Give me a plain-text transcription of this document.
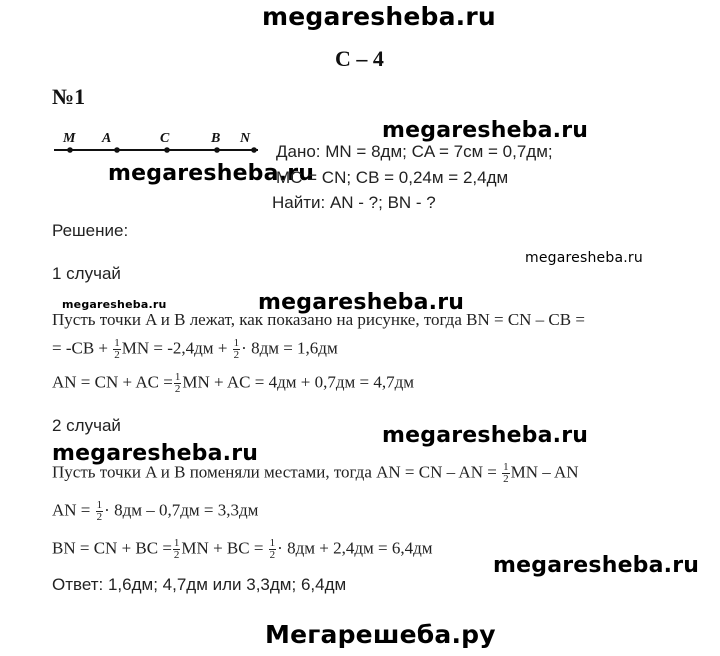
megaresheba.ru
megaresheba.ru
megaresheba.ru
megaresheba.ru
megaresheba.ru	megaresheba.ru
megaresheba.ru
megaresheba.ru
megaresheba.ru
Мегарешеба.ру
С – 4
№1
M A	C	B N
Дано: MN = 8дм; CA = 7см = 0,7дм;
MC = CN; CB = 0,24м = 2,4дм
Найти: AN - ?; BN - ?
Решение:
1 случай
Пусть точки A и B лежат, как показано на рисунке, тогда BN = CN – CB =
= $-CB + \frac{1}{2}$ MN = $-2,4дм + \frac{1}{2} \cdot 8дм = 1,6дм$
AN = CN + AC = $\frac{1}{2}$ MN + AC = 4дм + 0,7дм = 4,7дм
2 случай
Пусть точки A и B поменяли местами, тогда AN = CN – AN = $\frac{1}{2}$ MN – AN
AN = $\frac{1}{2} \cdot 8дм - 0,7дм = 3,3дм$
BN = CN + BC = $\frac{1}{2}$ MN + BC = $\frac{1}{2} \cdot 8дм + 2,4дм = 6,4дм$
Ответ: 1,6дм; 4,7дм или 3,3дм; 6,4дм
